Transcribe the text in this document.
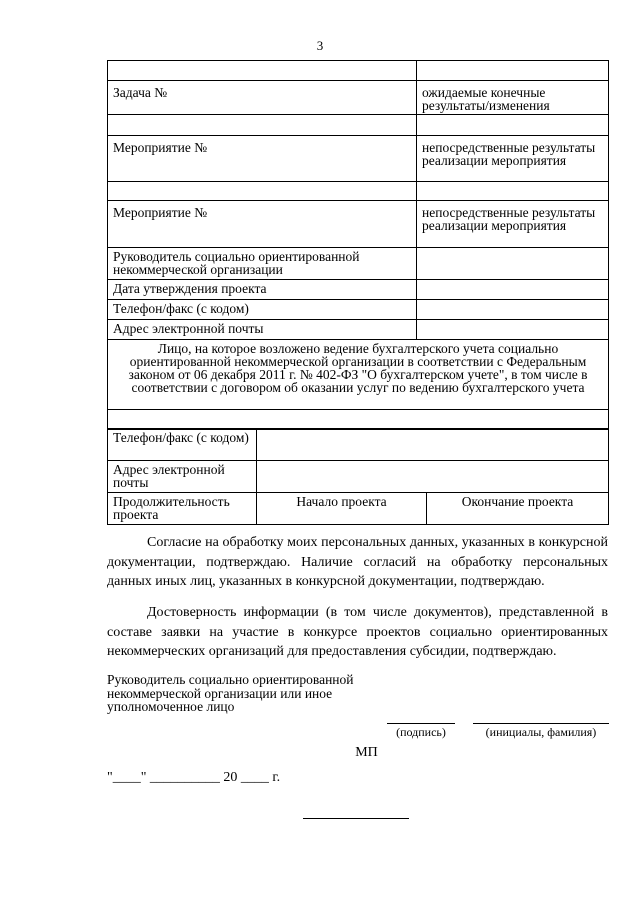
3

Задача №	ожидаемые конечные результаты/изменения

Мероприятие №	непосредственные результаты реализации мероприятия

Мероприятие №	непосредственные результаты реализации мероприятия
Руководитель социально ориентированной некоммерческой организации	
Дата утверждения проекта	
Телефон/факс (с кодом)	
Адрес электронной почты	
Лицо, на которое возложено ведение бухгалтерского учета социально ориентированной некоммерческой организации в соответствии с Федеральным законом от 06 декабря 2011 г. № 402-ФЗ "О бухгалтерском учете", в том числе в соответствии с договором об оказании услуг по ведению бухгалтерского учета	

Телефон/факс (с кодом)		
Адрес электронной почты		
Продолжительность проекта	Начало проекта	Окончание проекта

Согласие на обработку моих персональных данных, указанных в конкурсной документации, подтверждаю. Наличие согласий на обработку персональных данных иных лиц, указанных в конкурсной документации, подтверждаю.

Достоверность информации (в том числе документов), представленной в составе заявки на участие в конкурсе проектов социально ориентированных некоммерческих организаций для предоставления субсидии, подтверждаю.

Руководитель социально ориентированной некоммерческой организации или иное уполномоченное лицо
(подпись)	(инициалы, фамилия)
МП
"____" __________ 20 ____ г.
